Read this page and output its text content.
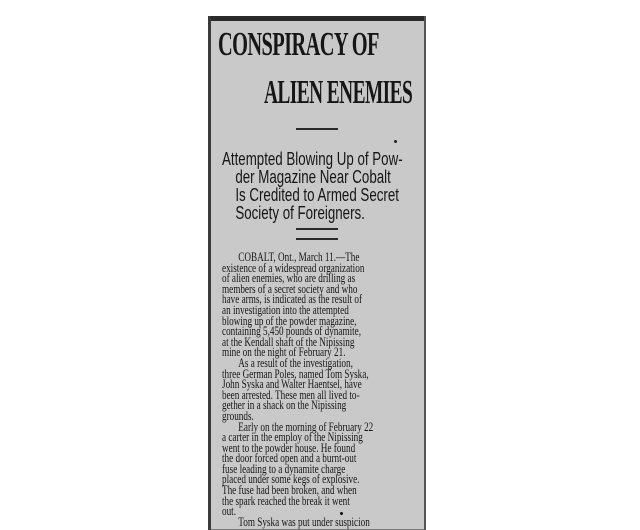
CONSPIRACY OF
ALIEN ENEMIES
Attempted Blowing Up of Pow-
der Magazine Near Cobalt
Is Credited to Armed Secret
Society of Foreigners.
COBALT, Ont., March 11.—The
existence of a widespread organization
of alien enemies, who are drilling as
members of a secret society and who
have arms, is indicated as the result of
an investigation into the attempted
blowing up of the powder magazine,
containing 5,450 pounds of dynamite,
at the Kendall shaft of the Nipissing
mine on the night of February 21.
As a result of the investigation,
three German Poles, named Tom Syska,
John Syska and Walter Haentsel, have
been arrested. These men all lived to-
gether in a shack on the Nipissing
grounds.
Early on the morning of February 22
a carter in the employ of the Nipissing
went to the powder house. He found
the door forced open and a burnt-out
fuse leading to a dynamite charge
placed under some kegs of explosive.
The fuse had been broken, and when
the spark reached the break it went
out.
Tom Syska was put under suspicion
